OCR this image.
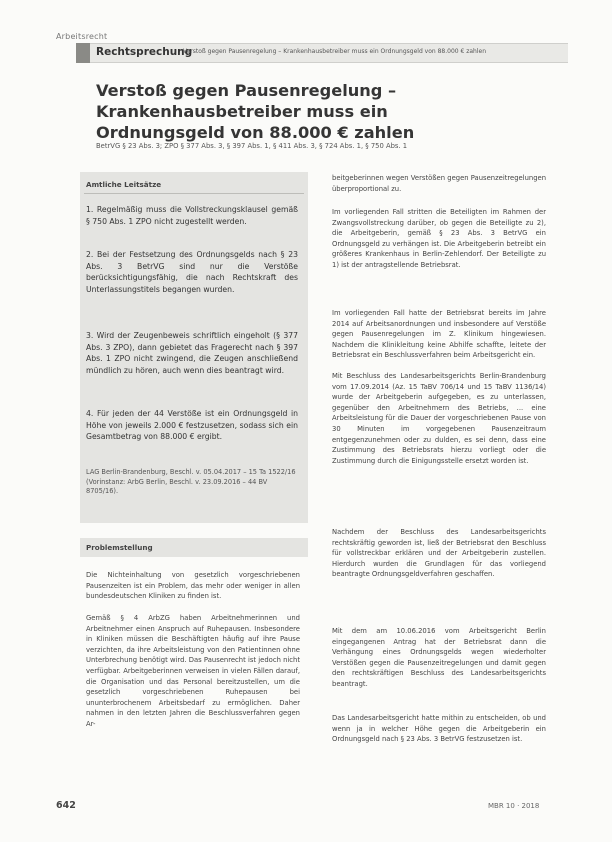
Arbeitsrecht
Rechtsprechung
Verstoß gegen Pausenregelung – Krankenhausbetreiber muss ein Ordnungsgeld von 88.000 € zahlen
Verstoß gegen Pausenregelung – Krankenhausbetreiber muss ein Ordnungsgeld von 88.000 € zahlen
BetrVG § 23 Abs. 3; ZPO § 377 Abs. 3, § 397 Abs. 1, § 411 Abs. 3, § 724 Abs. 1, § 750 Abs. 1
Amtliche Leitsätze
1. Regelmäßig muss die Vollstreckungsklausel gemäß § 750 Abs. 1 ZPO nicht zugestellt werden.
2. Bei der Festsetzung des Ordnungsgelds nach § 23 Abs. 3 BetrVG sind nur die Verstöße berücksichtigungsfähig, die nach Rechtskraft des Unterlassungstitels begangen wurden.
3. Wird der Zeugenbeweis schriftlich eingeholt (§ 377 Abs. 3 ZPO), dann gebietet das Fragerecht nach § 397 Abs. 1 ZPO nicht zwingend, die Zeugen anschließend mündlich zu hören, auch wenn dies beantragt wird.
4. Für jeden der 44 Verstöße ist ein Ordnungsgeld in Höhe von jeweils 2.000 € festzusetzen, sodass sich ein Gesamtbetrag von 88.000 € ergibt.
LAG Berlin-Brandenburg, Beschl. v. 05.04.2017 – 15 Ta 1522/16 (Vorinstanz: ArbG Berlin, Beschl. v. 23.09.2016 – 44 BV 8705/16).
Problemstellung
Die Nichteinhaltung von gesetzlich vorgeschriebenen Pausenzeiten ist ein Problem, das mehr oder weniger in allen bundesdeutschen Kliniken zu finden ist.
Gemäß § 4 ArbZG haben Arbeitnehmerinnen und Arbeitnehmer einen Anspruch auf Ruhepausen. Insbesondere in Kliniken müssen die Beschäftigten häufig auf ihre Pause verzichten, da ihre Arbeitsleistung von den Patientinnen ohne Unterbrechung benötigt wird. Das Pausenrecht ist jedoch nicht verfügbar. Arbeitgeberinnen verweisen in vielen Fällen darauf, die Organisation und das Personal bereitzustellen, um die gesetzlich vorgeschriebenen Ruhepausen bei ununterbrochenem Arbeitsbedarf zu ermöglichen. Daher nahmen in den letzten Jahren die Beschlussverfahren gegen Ar-
beitgeberinnen wegen Verstößen gegen Pausenzeitregelungen überproportional zu.
Im vorliegenden Fall stritten die Beteiligten im Rahmen der Zwangsvollstreckung darüber, ob gegen die Beteiligte zu 2), die Arbeitgeberin, gemäß § 23 Abs. 3 BetrVG ein Ordnungsgeld zu verhängen ist. Die Arbeitgeberin betreibt ein größeres Krankenhaus in Berlin-Zehlendorf. Der Beteiligte zu 1) ist der antragstellende Betriebsrat.
Im vorliegenden Fall hatte der Betriebsrat bereits im Jahre 2014 auf Arbeitsanordnungen und insbesondere auf Verstöße gegen Pausenregelungen im Z. Klinikum hingewiesen. Nachdem die Klinikleitung keine Abhilfe schaffte, leitete der Betriebsrat ein Beschlussverfahren beim Arbeitsgericht ein.
Mit Beschluss des Landesarbeitsgerichts Berlin-Brandenburg vom 17.09.2014 (Az. 15 TaBV 706/14 und 15 TaBV 1136/14) wurde der Arbeitgeberin aufgegeben, es zu unterlassen, gegenüber den Arbeitnehmern des Betriebs, ... eine Arbeitsleistung für die Dauer der vorgeschriebenen Pause von 30 Minuten im vorgegebenen Pausenzeitraum entgegenzunehmen oder zu dulden, es sei denn, dass eine Zustimmung des Betriebsrats hierzu vorliegt oder die Zustimmung durch die Einigungsstelle ersetzt worden ist.
Nachdem der Beschluss des Landesarbeitsgerichts rechtskräftig geworden ist, ließ der Betriebsrat den Beschluss für vollstreckbar erklären und der Arbeitgeberin zustellen. Hierdurch wurden die Grundlagen für das vorliegend beantragte Ordnungsgeldverfahren geschaffen.
Mit dem am 10.06.2016 vom Arbeitsgericht Berlin eingegangenen Antrag hat der Betriebsrat dann die Verhängung eines Ordnungsgelds wegen wiederholter Verstößen gegen die Pausenzeitregelungen und damit gegen den rechtskräftigen Beschluss des Landesarbeitsgerichts beantragt.
Das Landesarbeitsgericht hatte mithin zu entscheiden, ob und wenn ja in welcher Höhe gegen die Arbeitgeberin ein Ordnungsgeld nach § 23 Abs. 3 BetrVG festzusetzen ist.
642	MBR 10 · 2018
